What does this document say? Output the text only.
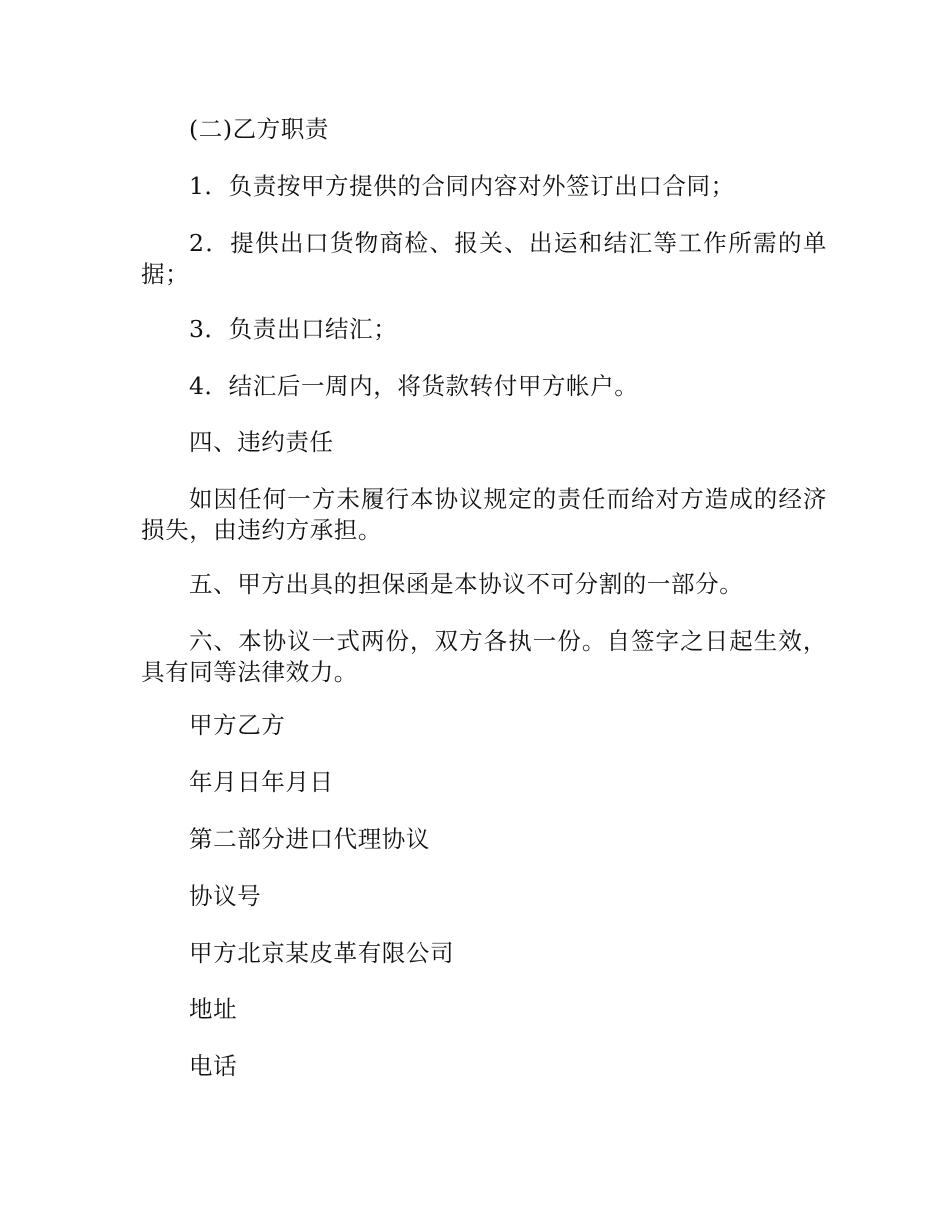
(二)乙方职责

1．负责按甲方提供的合同内容对外签订出口合同；

2．提供出口货物商检、报关、出运和结汇等工作所需的单据；

3．负责出口结汇；

4．结汇后一周内，将货款转付甲方帐户。

四、违约责任

如因任何一方未履行本协议规定的责任而给对方造成的经济损失，由违约方承担。

五、甲方出具的担保函是本协议不可分割的一部分。

六、本协议一式两份，双方各执一份。自签字之日起生效，具有同等法律效力。

甲方乙方

年月日年月日

第二部分进口代理协议

协议号

甲方北京某皮革有限公司

地址

电话
